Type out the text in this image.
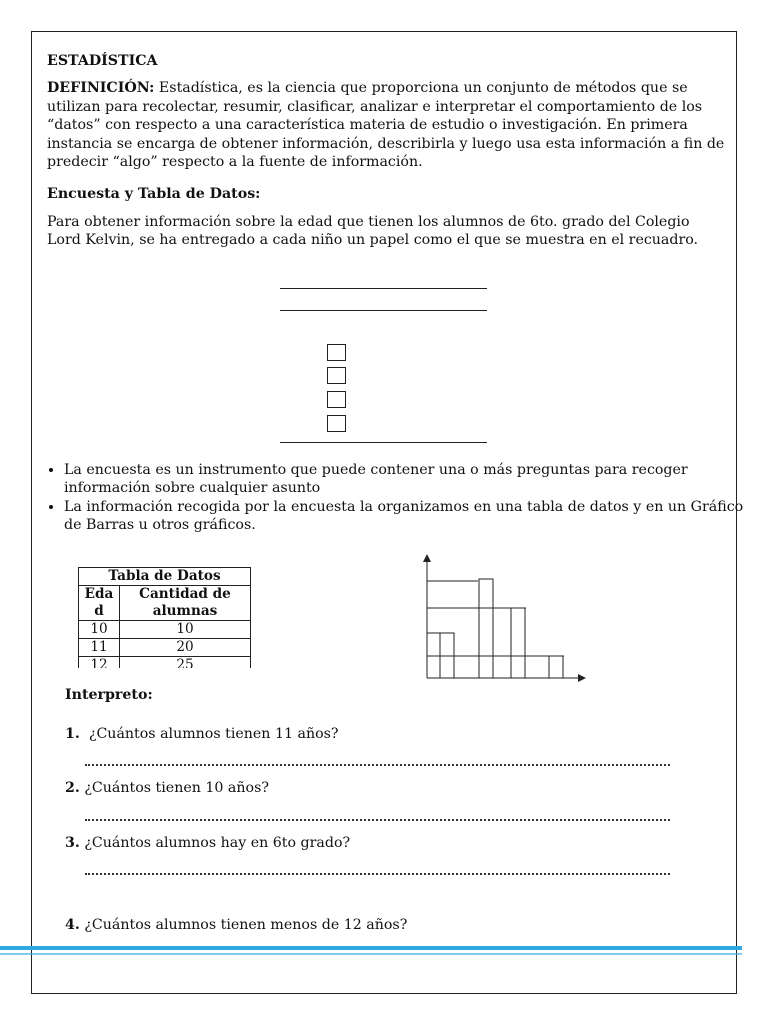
ESTADÍSTICA

DEFINICIÓN: Estadística, es la ciencia que proporciona un conjunto de métodos que se utilizan para recolectar, resumir, clasificar, analizar e interpretar el comportamiento de los “datos” con respecto a una característica materia de estudio o investigación. En primera instancia se encarga de obtener información, describirla y luego usa esta información a fin de predecir “algo” respecto a la fuente de información.

Encuesta y Tabla de Datos:

Para obtener información sobre la edad que tienen los alumnos de 6to. grado del Colegio Lord Kelvin, se ha entregado a cada niño un papel como el que se muestra en el recuadro.

• La encuesta es un instrumento que puede contener una o más preguntas para recoger información sobre cualquier asunto
• La información recogida por la encuesta la organizamos en una tabla de datos y en un Gráfico de Barras u otros gráficos.
Tabla de Datos	
Edad	Cantidad de alumnas
10	10
11	20
12	25

Interpreto:

1. ¿Cuántos alumnos tienen 11 años?
2. ¿Cuántos tienen 10 años?
3. ¿Cuántos alumnos hay en 6to grado?
4. ¿Cuántos alumnos tienen menos de 12 años?
